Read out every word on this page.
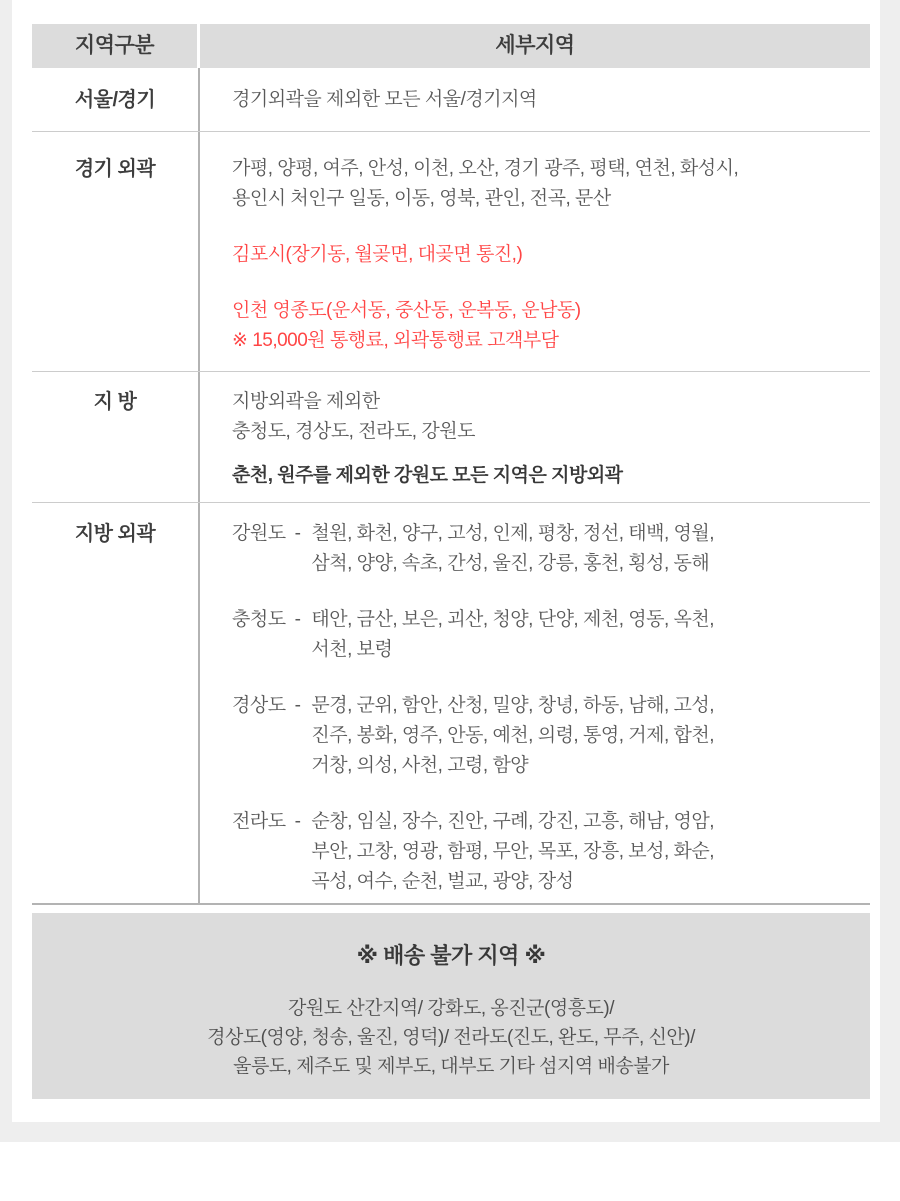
지역구분	세부지역
서울/경기	경기외곽을 제외한 모든 서울/경기지역
경기 외곽	가평, 양평, 여주, 안성, 이천, 오산, 경기 광주, 평택, 연천, 화성시,
용인시 처인구 일동, 이동, 영북, 관인, 전곡, 문산
김포시(장기동, 월곶면, 대곶면 통진,)
인천 영종도(운서동, 중산동, 운복동, 운남동)
※ 15,000원 통행료, 외곽통행료 고객부담
지 방	지방외곽을 제외한
충청도, 경상도, 전라도, 강원도
춘천, 원주를 제외한 강원도 모든 지역은 지방외곽
지방 외곽	강원도 - 철원, 화천, 양구, 고성, 인제, 평창, 정선, 태백, 영월,
삼척, 양양, 속초, 간성, 울진, 강릉, 홍천, 횡성, 동해
충청도 - 태안, 금산, 보은, 괴산, 청양, 단양, 제천, 영동, 옥천,
서천, 보령
경상도 - 문경, 군위, 함안, 산청, 밀양, 창녕, 하동, 남해, 고성,
진주, 봉화, 영주, 안동, 예천, 의령, 통영, 거제, 합천,
거창, 의성, 사천, 고령, 함양
전라도 - 순창, 임실, 장수, 진안, 구례, 강진, 고흥, 해남, 영암,
부안, 고창, 영광, 함평, 무안, 목포, 장흥, 보성, 화순,
곡성, 여수, 순천, 벌교, 광양, 장성
※ 배송 불가 지역 ※
강원도 산간지역/ 강화도, 옹진군(영흥도)/
경상도(영양, 청송, 울진, 영덕)/ 전라도(진도, 완도, 무주, 신안)/
울릉도, 제주도 및 제부도, 대부도 기타 섬지역 배송불가
